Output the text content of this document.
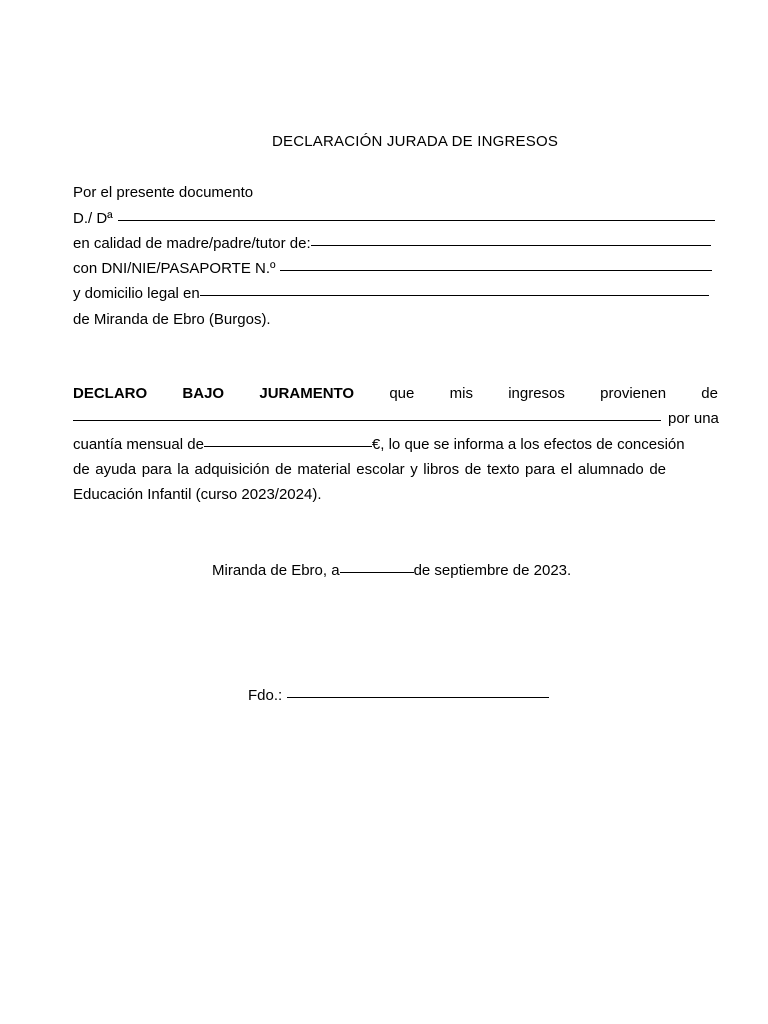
DECLARACIÓN JURADA DE INGRESOS
Por el presente documento
D./ Dª
en calidad de madre/padre/tutor de:
con DNI/NIE/PASAPORTE N.º
y domicilio legal en
de Miranda de Ebro (Burgos).
DECLARO BAJO JURAMENTO que mis ingresos provienen de
por una
cuantía mensual de	€, lo que se informa a los efectos de concesión
de ayuda para la adquisición de material escolar y libros de texto para el alumnado de
Educación Infantil (curso 2023/2024).
Miranda de Ebro, a	de septiembre de 2023.
Fdo.:
